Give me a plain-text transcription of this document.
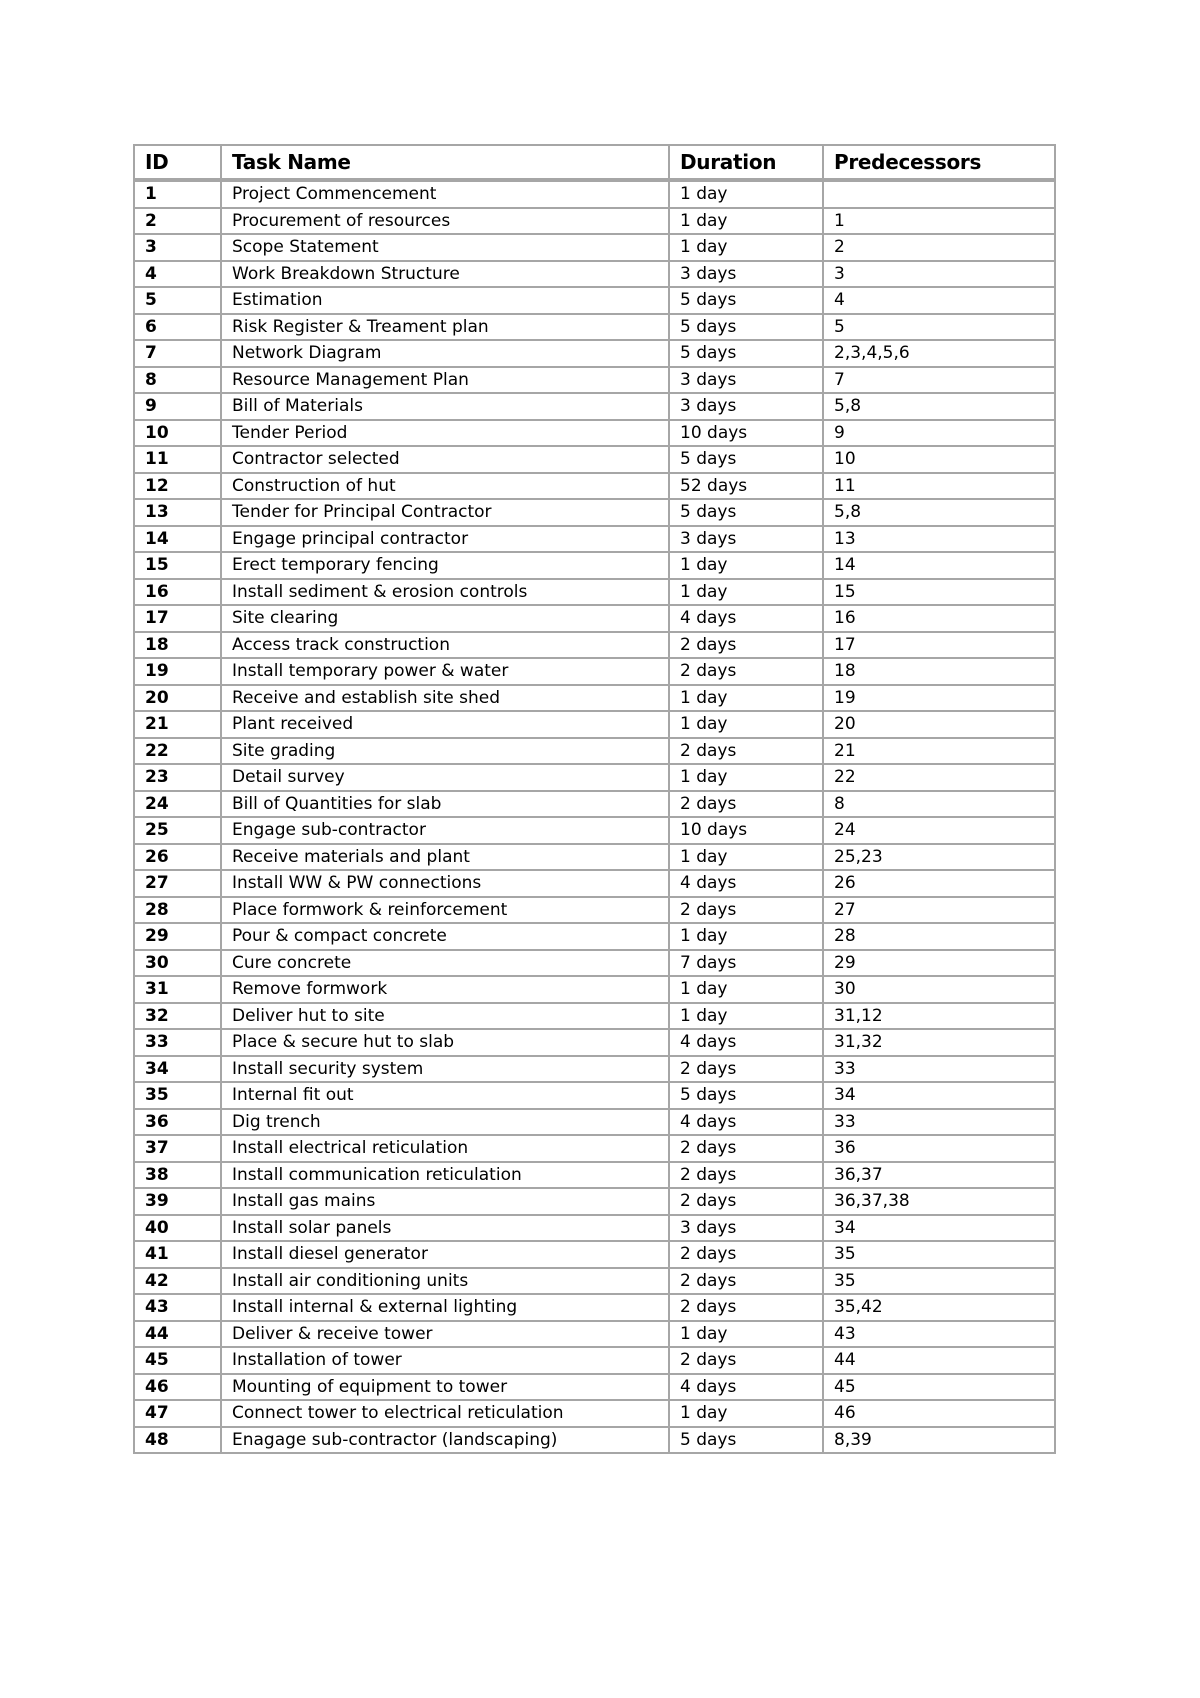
ID	Task Name	Duration	Predecessors
1	Project Commencement	1 day	
2	Procurement of resources	1 day	1
3	Scope Statement	1 day	2
4	Work Breakdown Structure	3 days	3
5	Estimation	5 days	4
6	Risk Register & Treament plan	5 days	5
7	Network Diagram	5 days	2,3,4,5,6
8	Resource Management Plan	3 days	7
9	Bill of Materials	3 days	5,8
10	Tender Period	10 days	9
11	Contractor selected	5 days	10
12	Construction of hut	52 days	11
13	Tender for Principal Contractor	5 days	5,8
14	Engage principal contractor	3 days	13
15	Erect temporary fencing	1 day	14
16	Install sediment & erosion controls	1 day	15
17	Site clearing	4 days	16
18	Access track construction	2 days	17
19	Install temporary power & water	2 days	18
20	Receive and establish site shed	1 day	19
21	Plant received	1 day	20
22	Site grading	2 days	21
23	Detail survey	1 day	22
24	Bill of Quantities for slab	2 days	8
25	Engage sub-contractor	10 days	24
26	Receive materials and plant	1 day	25,23
27	Install WW & PW connections	4 days	26
28	Place formwork & reinforcement	2 days	27
29	Pour & compact concrete	1 day	28
30	Cure concrete	7 days	29
31	Remove formwork	1 day	30
32	Deliver hut to site	1 day	31,12
33	Place & secure hut to slab	4 days	31,32
34	Install security system	2 days	33
35	Internal fit out	5 days	34
36	Dig trench	4 days	33
37	Install electrical reticulation	2 days	36
38	Install communication reticulation	2 days	36,37
39	Install gas mains	2 days	36,37,38
40	Install solar panels	3 days	34
41	Install diesel generator	2 days	35
42	Install air conditioning units	2 days	35
43	Install internal & external lighting	2 days	35,42
44	Deliver & receive tower	1 day	43
45	Installation of tower	2 days	44
46	Mounting of equipment to tower	4 days	45
47	Connect tower to electrical reticulation	1 day	46
48	Enagage sub-contractor (landscaping)	5 days	8,39
